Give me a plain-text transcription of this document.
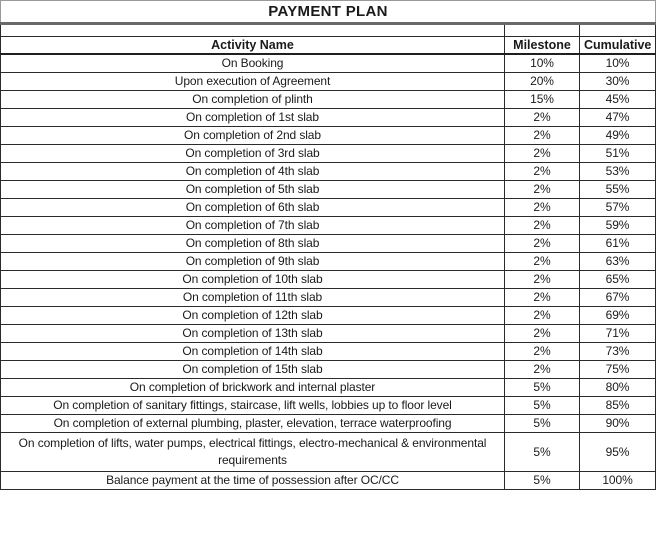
PAYMENT PLAN		

Activity Name	Milestone	Cumulative
On Booking	10%	10%
Upon execution of Agreement	20%	30%
On completion of plinth	15%	45%
On completion of 1st slab	2%	47%
On completion of 2nd slab	2%	49%
On completion of 3rd slab	2%	51%
On completion of 4th slab	2%	53%
On completion of 5th slab	2%	55%
On completion of 6th slab	2%	57%
On completion of 7th slab	2%	59%
On completion of 8th slab	2%	61%
On completion of 9th slab	2%	63%
On completion of 10th slab	2%	65%
On completion of 11th slab	2%	67%
On completion of 12th slab	2%	69%
On completion of 13th slab	2%	71%
On completion of 14th slab	2%	73%
On completion of 15th slab	2%	75%
On completion of brickwork and internal plaster	5%	80%
On completion of sanitary fittings, staircase, lift wells, lobbies up to floor level	5%	85%
On completion of external plumbing, plaster, elevation, terrace waterproofing	5%	90%
On completion of lifts, water pumps, electrical fittings, electro-mechanical & environmental requirements	5%	95%
Balance payment at the time of possession after OC/CC	5%	100%
